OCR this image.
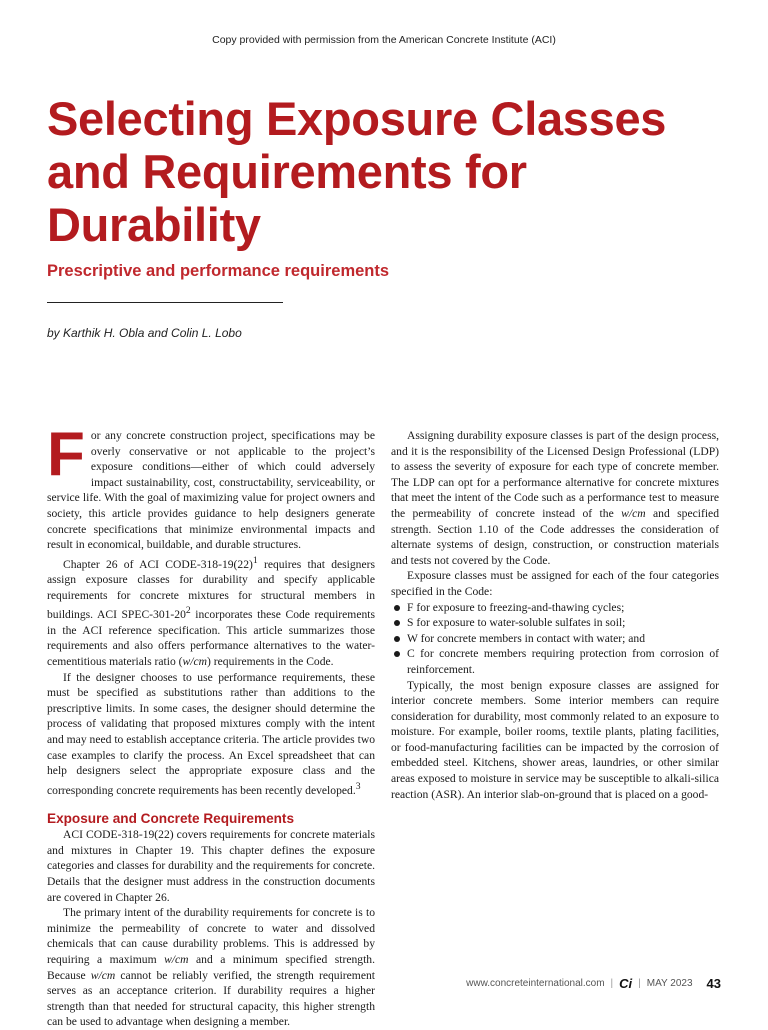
Copy provided with permission from the American Concrete Institute (ACI)
Selecting Exposure Classes and Requirements for Durability
Prescriptive and performance requirements

by Karthik H. Obla and Colin L. Lobo

For any concrete construction project, specifications may be overly conservative or not applicable to the project’s exposure conditions—either of which could adversely impact sustainability, cost, constructability, serviceability, or service life. With the goal of maximizing value for project owners and society, this article provides guidance to help designers generate concrete specifications that minimize environmental impacts and result in economical, buildable, and durable structures.

Chapter 26 of ACI CODE-$318-19(22)^1$ requires that designers assign exposure classes for durability and specify applicable requirements for concrete mixtures for structural members in buildings. ACI SPEC-$301-20^2$ incorporates these Code requirements in the ACI reference specification. This article summarizes those requirements and also offers performance alternatives to the water-cementitious materials ratio (w/cm) requirements in the Code.

If the designer chooses to use performance requirements, these must be specified as substitutions rather than additions to the prescriptive limits. In some cases, the designer should determine the process of validating that proposed mixtures comply with the intent and may need to establish acceptance criteria. The article provides two case examples to clarify the process. An Excel spreadsheet that can help designers select the appropriate exposure class and the corresponding concrete requirements has been recently developed.$^3$

Exposure and Concrete Requirements

ACI CODE-318-19(22) covers requirements for concrete materials and mixtures in Chapter 19. This chapter defines the exposure categories and classes for durability and the requirements for concrete. Details that the designer must address in the construction documents are covered in Chapter 26.

The primary intent of the durability requirements for concrete is to minimize the permeability of concrete to water and dissolved chemicals that can cause durability problems. This is addressed by requiring a maximum w/cm and a minimum specified strength. Because w/cm cannot be reliably verified, the strength requirement serves as an acceptance criterion. If durability requires a higher strength than that needed for structural capacity, this higher strength can be used to advantage when designing a member.

Assigning durability exposure classes is part of the design process, and it is the responsibility of the Licensed Design Professional (LDP) to assess the severity of exposure for each type of concrete member. The LDP can opt for a performance alternative for concrete mixtures that meet the intent of the Code such as a performance test to measure the permeability of concrete instead of the w/cm and specified strength. Section 1.10 of the Code addresses the consideration of alternate systems of design, construction, or construction materials and tests not covered by the Code.

Exposure classes must be assigned for each of the four categories specified in the Code:

F for exposure to freezing-and-thawing cycles;
S for exposure to water-soluble sulfates in soil;
W for concrete members in contact with water; and
C for concrete members requiring protection from corrosion of reinforcement.

Typically, the most benign exposure classes are assigned for interior concrete members. Some interior members can require consideration for durability, most commonly related to an exposure to moisture. For example, boiler rooms, textile plants, plating facilities, or food-manufacturing facilities can be impacted by the corrosion of embedded steel. Kitchens, shower areas, laundries, or other similar areas exposed to moisture in service may be susceptible to alkali-silica reaction (ASR). An interior slab-on-ground that is placed on a good-

www.concreteinternational.com | Ci | MAY 2023 43
